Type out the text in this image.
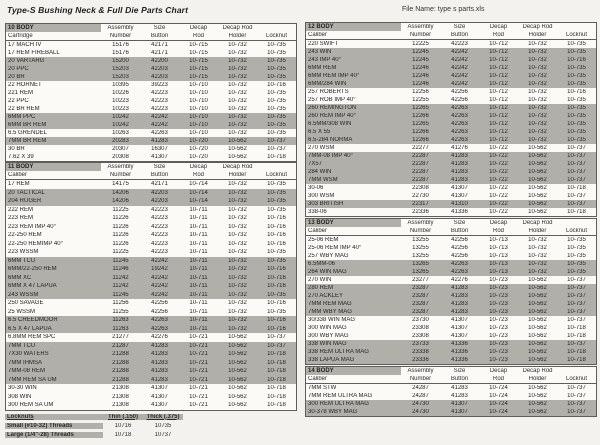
Type-S Bushing Neck & Full Die Parts Chart	File Name: type s parts.xls
10 BODY	Assembly	Size	Decap	Decap Rod
Cartridge	Number	Button	Rod	Holder	Locknut
17 MACH IV	15176	42171	10-715	10-732	10-735
17 REM FIREBALL	15176	42171	10-715	10-732	10-735
20 VARTARG	15200	42200	10-715	10-732	10-735
20 PPC	15203	42203	10-715	10-732	10-735
20 BR	15203	42203	10-715	10-732	10-735
22 HORNET	10395	39223	10-710	10-732	10-716
221 REM	10226	42223	10-710	10-732	10-735
22 PPC	10223	42223	10-710	10-732	10-735
22 BR REM	10223	42223	10-710	10-732	10-735
6MM PPC	10242	42242	10-710	10-732	10-735
6MM BR REM	10242	42242	10-710	10-732	10-735
6.5 GRENDEL	10263	42263	10-710	10-732	10-735
7MM BR REM	20283	41283	10-720	10-562	10-737
30 BR	20307	16307	10-720	10-562	10-737
7.62 X 39	20308	41307	10-720	10-562	10-718
11 BODY	Assembly	Size	Decap	Decap Rod
Caliber	Number	Button	Rod	Holder	Locknut
17 REM	14175	42171	10-714	10-732	10-735
20 TACTICAL	14206	42203	10-714	10-732	10-735
204 RUGER	14206	42203	10-714	10-732	10-735
222 REM	11225	42223	10-711	10-732	10-735
223 REM	11226	42223	10-711	10-732	10-716
223 REM IMP 40°	11226	42223	10-711	10-732	10-716
22-250 REM	11226	42223	10-711	10-732	10-716
22-250 REMIMP 40°	11226	42223	10-711	10-732	10-716
223 WSSM	11225	42223	10-711	10-732	10-735
6MM TCU	11245	42242	10-711	10-732	10-735
6MM/22-250 REM	11246	19242	10-711	10-732	10-716
6MM XC	11242	42242	10-711	10-732	10-716
6MM X 47 LAPUA	11242	42242	10-711	10-732	10-716
243 WSSM	11245	42242	10-711	10-732	10-735
250 SAVAGE	11256	42256	10-711	10-732	10-716
25 WSSM	11255	42256	10-711	10-732	10-735
6.5 CREEDMOOR	11263	42263	10-711	10-732	10-716
6.5 X 47 LAPUA	11263	42263	10-711	10-732	10-716
6.8MM REM SPC	21277	42276	10-721	10-562	10-737
7MM TCU	21287	41283	10-721	10-562	10-737
7X30 WATERS	21288	41283	10-721	10-562	10-718
7MM IHMSA	21288	41283	10-721	10-562	10-718
7MM-08 REM	21288	41283	10-721	10-562	10-718
7MM REM SA UM	21288	41283	10-721	10-562	10-718
30-30 WIN	21308	41307	10-721	10-562	10-718
308 WIN	21308	41307	10-721	10-562	10-718
300 REM SA UM	21308	41307	10-721	10-562	10-718
12 BODY	Assembly	Size	Decap	Decap Rod
Caliber	Number	Button	Rod	Holder	Locknut
220 SWIFT	12225	42223	10-712	10-732	10-735
243 WIN	12245	42242	10-712	10-732	10-735
243 IMP 40°	12245	42242	10-712	10-732	10-716
6MM REM	12246	42242	10-712	10-732	10-735
6MM REM IMP 40°	12246	42242	10-712	10-732	10-735
6MM/284 WIN	12246	42242	10-712	10-732	10-735
257 ROBERTS	12256	42256	10-712	10-732	10-716
257 ROB IMP 40°	12255	42256	10-712	10-732	10-735
260 REMINGTON	12265	42263	10-712	10-732	10-735
260 REM IMP 40°	12266	42263	10-712	10-732	10-735
6.5MM/308 WIN	12265	42263	10-712	10-732	10-735
6.5 X 55	12266	42263	10-712	10-732	10-735
6.5-284 NORMA	12266	42263	10-712	10-732	10-735
270 WSM	22277	41276	10-722	10-562	10-737
7MM-08 IMP 40°	22287	41283	10-722	10-562	10-737
7X57	22287	41283	10-722	10-562	10-737
284 WIN	22287	41283	10-722	10-562	10-737
7MM WSM	22287	41283	10-722	10-562	10-737
30-06	22308	41307	10-722	10-562	10-718
300 WSM	22730	41307	10-722	10-562	10-737
303 BRITISH	22317	41310	10-722	10-562	10-737
338-06	22336	41336	10-722	10-562	10-718
13 BODY	Assembly	Size	Decap	Decap Rod
Caliber	Number	Button	Rod	Holder	Locknut
25-06 REM	13255	42256	10-713	10-732	10-735
25-06 REM IMP 40°	13255	42256	10-713	10-732	10-735
257 WBY MAG	13255	42256	10-713	10-732	10-735
6.5MM-06	13265	42263	10-713	10-732	10-735
264 WIN MAG	13265	42263	10-713	10-732	10-735
270 WIN	23277	42276	10-723	10-562	10-737
280 REM	23287	41283	10-723	10-562	10-737
270 ACKLEY	23287	41283	10-723	10-562	10-737
7MM REM MAG	23287	41283	10-723	10-562	10-737
7MM WBY MAG	23287	41283	10-723	10-562	10-737
30/338 WIN MAG	23730	41307	10-723	10-562	10-737
300 WIN MAG	23308	41307	10-723	10-562	10-718
300 WBY MAG	23308	41307	10-723	10-562	10-718
338 WIN MAG	23733	41336	10-723	10-562	10-737
338 REM ULTRA MAG	23338	41336	10-723	10-562	10-718
338 LAPUA MAG	23336	41336	10-723	10-562	10-718
14 BODY	Assembly	Size	Decap	Decap Rod
Caliber	Number	Button	Rod	Holder	Locknut
7MM STW	24287	41283	10-724	10-562	10-737
7MM REM ULTRA MAG	24287	41283	10-724	10-562	10-737
300 REM ULTRA MAG	24730	41307	10-724	10-562	10-737
30-378 WBY MAG	24730	41307	10-724	10-562	10-737
Locknuts	Thin (.150)	Thick (.375)
Small (#10-32) Threads	10716	10735
Large (1/4"-28) Threads	10718	10737
